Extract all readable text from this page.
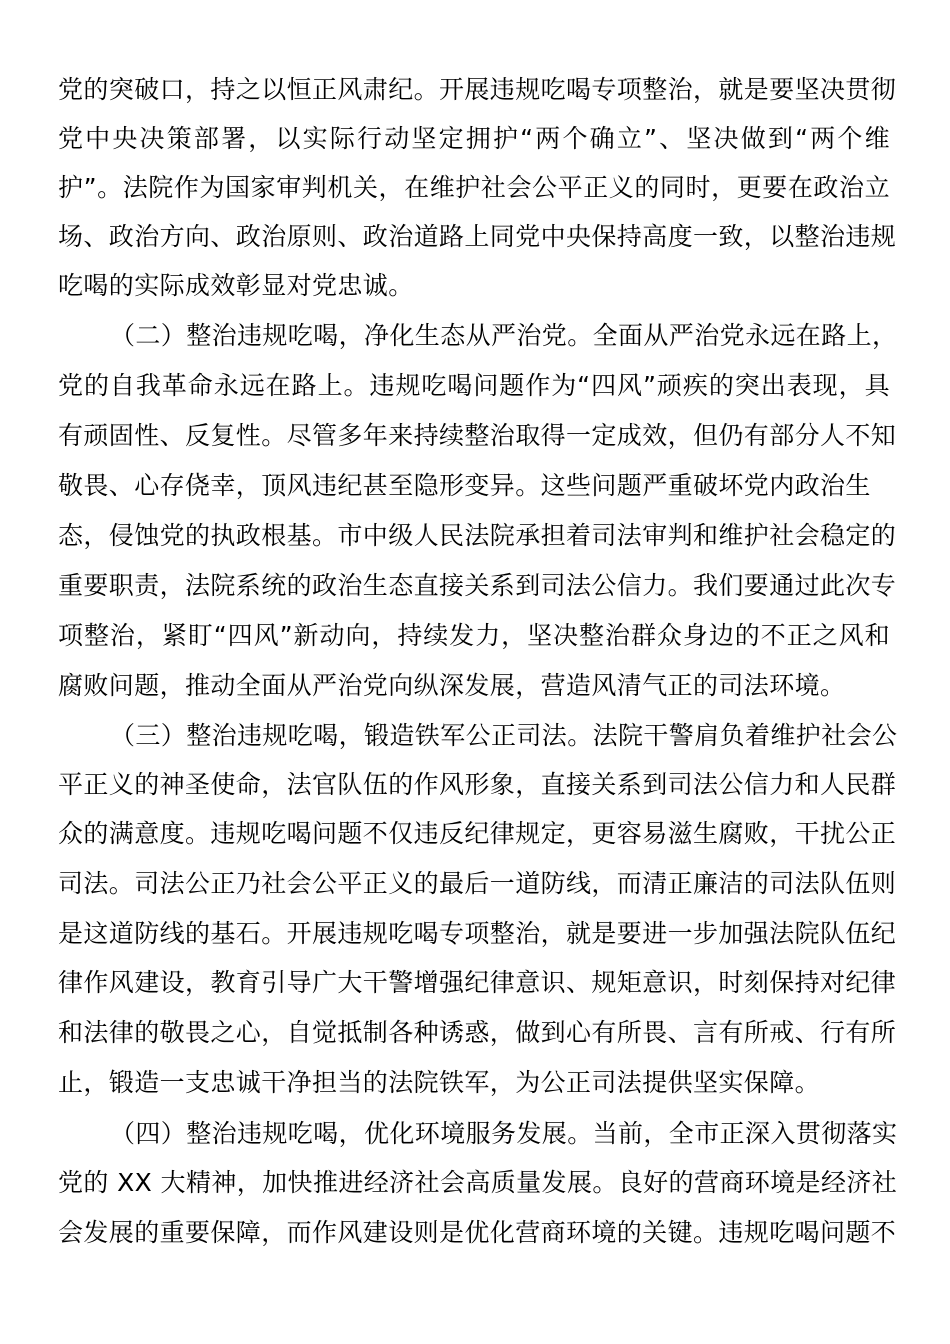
党的突破口，持之以恒正风肃纪。开展违规吃喝专项整治，就是要坚决贯彻
党中央决策部署，以实际行动坚定拥护“两个确立”、坚决做到“两个维
护”。法院作为国家审判机关，在维护社会公平正义的同时，更要在政治立
场、政治方向、政治原则、政治道路上同党中央保持高度一致，以整治违规
吃喝的实际成效彰显对党忠诚。
（二）整治违规吃喝，净化生态从严治党。全面从严治党永远在路上，
党的自我革命永远在路上。违规吃喝问题作为“四风”顽疾的突出表现，具
有顽固性、反复性。尽管多年来持续整治取得一定成效，但仍有部分人不知
敬畏、心存侥幸，顶风违纪甚至隐形变异。这些问题严重破坏党内政治生
态，侵蚀党的执政根基。市中级人民法院承担着司法审判和维护社会稳定的
重要职责，法院系统的政治生态直接关系到司法公信力。我们要通过此次专
项整治，紧盯“四风”新动向，持续发力，坚决整治群众身边的不正之风和
腐败问题，推动全面从严治党向纵深发展，营造风清气正的司法环境。
（三）整治违规吃喝，锻造铁军公正司法。法院干警肩负着维护社会公
平正义的神圣使命，法官队伍的作风形象，直接关系到司法公信力和人民群
众的满意度。违规吃喝问题不仅违反纪律规定，更容易滋生腐败，干扰公正
司法。司法公正乃社会公平正义的最后一道防线，而清正廉洁的司法队伍则
是这道防线的基石。开展违规吃喝专项整治，就是要进一步加强法院队伍纪
律作风建设，教育引导广大干警增强纪律意识、规矩意识，时刻保持对纪律
和法律的敬畏之心，自觉抵制各种诱惑，做到心有所畏、言有所戒、行有所
止，锻造一支忠诚干净担当的法院铁军，为公正司法提供坚实保障。
（四）整治违规吃喝，优化环境服务发展。当前，全市正深入贯彻落实
党的 XX 大精神，加快推进经济社会高质量发展。良好的营商环境是经济社
会发展的重要保障，而作风建设则是优化营商环境的关键。违规吃喝问题不
